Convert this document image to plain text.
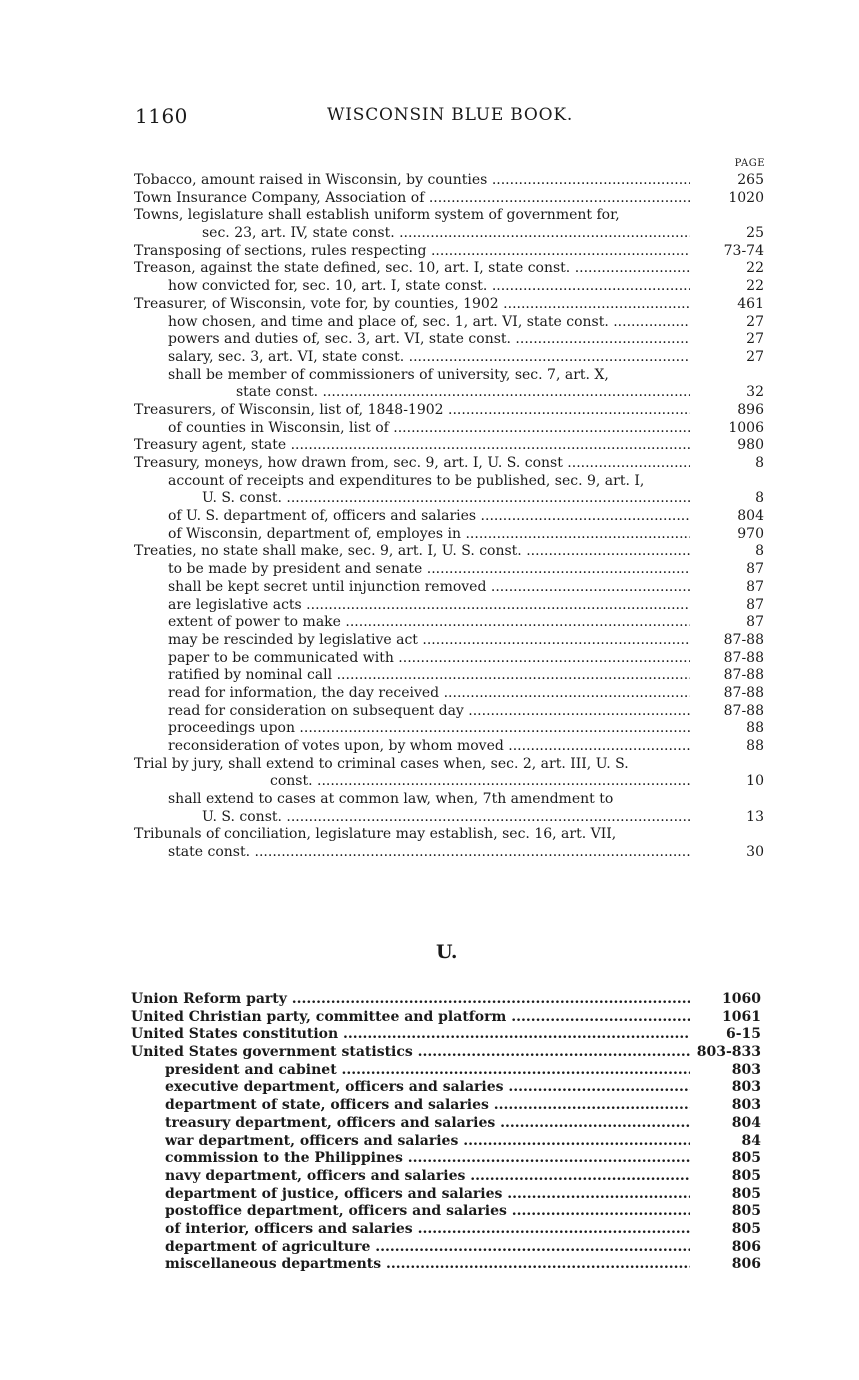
1160	WISCONSIN BLUE BOOK.
PAGE
Tobacco, amount raised in Wisconsin, by counties .....	265
Town Insurance Company, Association of .....	1020
Towns, legislature shall establish uniform system of government for,
sec. 23, art. IV, state const. .....	25
Transposing of sections, rules respecting .....	73-74
Treason, against the state defined, sec. 10, art. I, state const. .....	22
how convicted for, sec. 10, art. I, state const. .....	22
Treasurer, of Wisconsin, vote for, by counties, 1902 .....	461
how chosen, and time and place of, sec. 1, art. VI, state const. .....	27
powers and duties of, sec. 3, art. VI, state const. .....	27
salary, sec. 3, art. VI, state const. .....	27
shall be member of commissioners of university, sec. 7, art. X,
state const. .....	32
Treasurers, of Wisconsin, list of, 1848-1902 .....	896
of counties in Wisconsin, list of .....	1006
Treasury agent, state .....	980
Treasury, moneys, how drawn from, sec. 9, art. I, U. S. const .....	8
account of receipts and expenditures to be published, sec. 9, art. I,
U. S. const. .....	8
of U. S. department of, officers and salaries .....	804
of Wisconsin, department of, employes in .....	970
Treaties, no state shall make, sec. 9, art. I, U. S. const. .....	8
to be made by president and senate .....	87
shall be kept secret until injunction removed .....	87
are legislative acts .....	87
extent of power to make .....	87
may be rescinded by legislative act .....	87-88
paper to be communicated with .....	87-88
ratified by nominal call .....	87-88
read for information, the day received .....	87-88
read for consideration on subsequent day .....	87-88
proceedings upon .....	88
reconsideration of votes upon, by whom moved .....	88
Trial by jury, shall extend to criminal cases when, sec. 2, art. III, U. S.
const. .....	10
shall extend to cases at common law, when, 7th amendment to
U. S. const. .....	13
Tribunals of conciliation, legislature may establish, sec. 16, art. VII,
state const. .....	30
U.
Union Reform party .....	1060
United Christian party, committee and platform .....	1061
United States constitution .....	6-15
United States government statistics .....	803-833
president and cabinet .....	803
executive department, officers and salaries .....	803
department of state, officers and salaries .....	803
treasury department, officers and salaries .....	804
war department, officers and salaries .....	84
commission to the Philippines .....	805
navy department, officers and salaries .....	805
department of justice, officers and salaries .....	805
postoffice department, officers and salaries .....	805
of interior, officers and salaries .....	805
department of agriculture .....	806
miscellaneous departments .....	806
